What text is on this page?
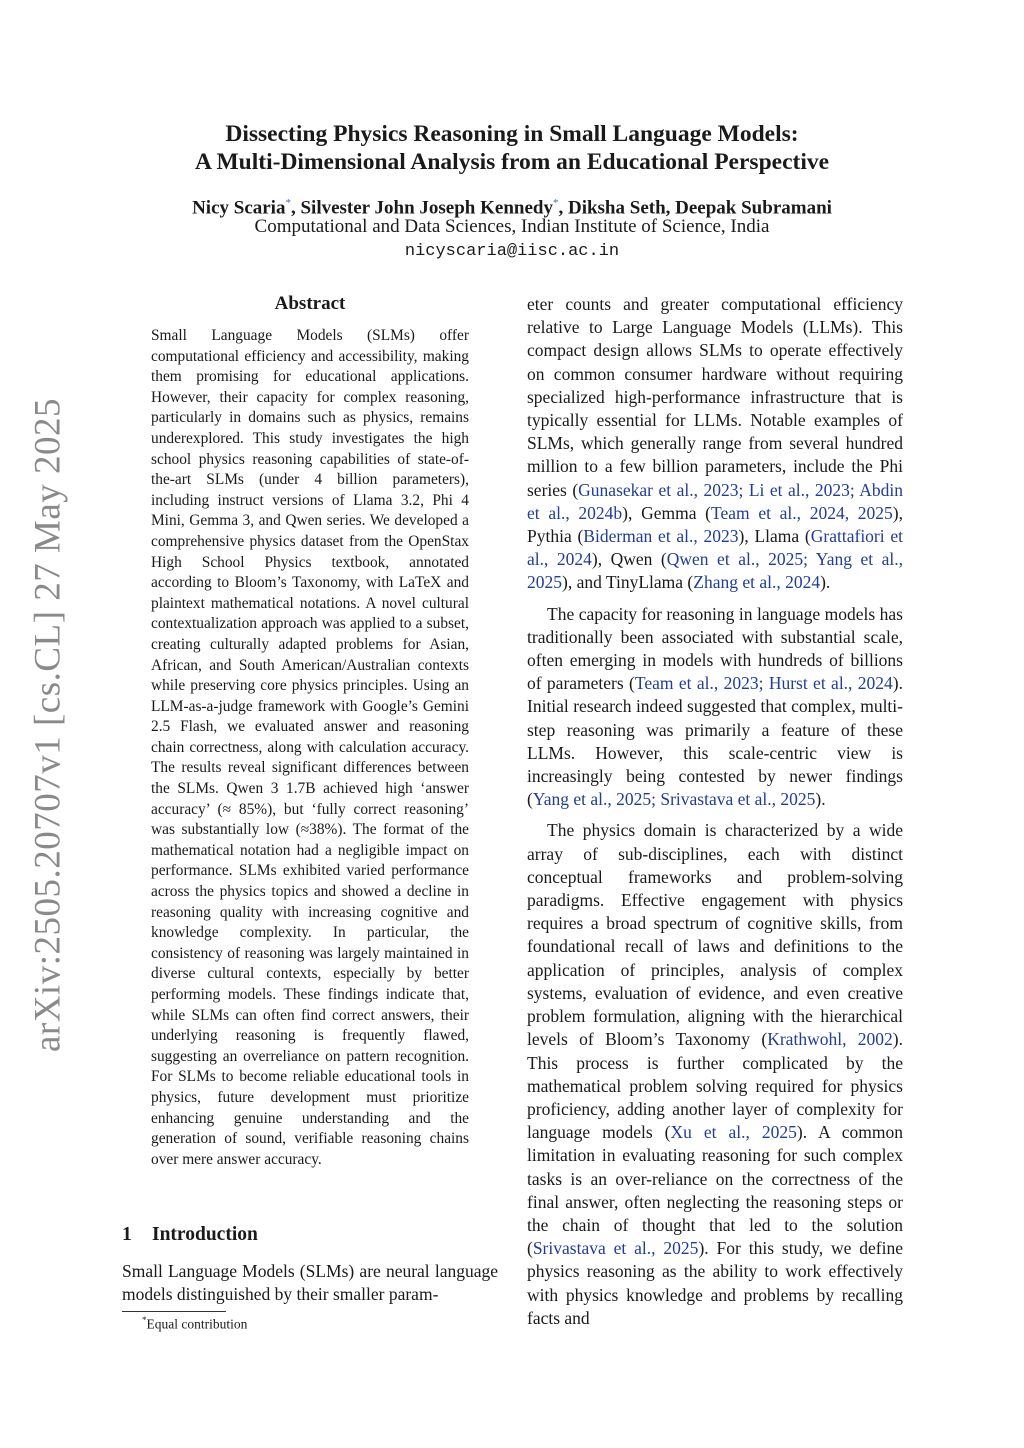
arXiv:2505.20707v1 [cs.CL] 27 May 2025
Dissecting Physics Reasoning in Small Language Models:
A Multi-Dimensional Analysis from an Educational Perspective
Nicy Scaria*, Silvester John Joseph Kennedy*, Diksha Seth, Deepak Subramani
Computational and Data Sciences, Indian Institute of Science, India
nicyscaria@iisc.ac.in
Abstract
Small Language Models (SLMs) offer computational efficiency and accessibility, making them promising for educational applications. However, their capacity for complex reasoning, particularly in domains such as physics, remains underexplored. This study investigates the high school physics reasoning capabilities of state-of-the-art SLMs (under 4 billion parameters), including instruct versions of Llama 3.2, Phi 4 Mini, Gemma 3, and Qwen series. We developed a comprehensive physics dataset from the OpenStax High School Physics textbook, annotated according to Bloom’s Taxonomy, with LaTeX and plaintext mathematical notations. A novel cultural contextualization approach was applied to a subset, creating culturally adapted problems for Asian, African, and South American/Australian contexts while preserving core physics principles. Using an LLM-as-a-judge framework with Google’s Gemini 2.5 Flash, we evaluated answer and reasoning chain correctness, along with calculation accuracy. The results reveal significant differences between the SLMs. Qwen 3 1.7B achieved high ‘answer accuracy’ (≈ 85%), but ‘fully correct reasoning’ was substantially low (≈38%). The format of the mathematical notation had a negligible impact on performance. SLMs exhibited varied performance across the physics topics and showed a decline in reasoning quality with increasing cognitive and knowledge complexity. In particular, the consistency of reasoning was largely maintained in diverse cultural contexts, especially by better performing models. These findings indicate that, while SLMs can often find correct answers, their underlying reasoning is frequently flawed, suggesting an overreliance on pattern recognition. For SLMs to become reliable educational tools in physics, future development must prioritize enhancing genuine understanding and the generation of sound, verifiable reasoning chains over mere answer accuracy.
1 Introduction
Small Language Models (SLMs) are neural language models distinguished by their smaller param-
*Equal contribution

eter counts and greater computational efficiency relative to Large Language Models (LLMs). This compact design allows SLMs to operate effectively on common consumer hardware without requiring specialized high-performance infrastructure that is typically essential for LLMs. Notable examples of SLMs, which generally range from several hundred million to a few billion parameters, include the Phi series (Gunasekar et al., 2023; Li et al., 2023; Abdin et al., 2024b), Gemma (Team et al., 2024, 2025), Pythia (Biderman et al., 2023), Llama (Grattafiori et al., 2024), Qwen (Qwen et al., 2025; Yang et al., 2025), and TinyLlama (Zhang et al., 2024).

The capacity for reasoning in language models has traditionally been associated with substantial scale, often emerging in models with hundreds of billions of parameters (Team et al., 2023; Hurst et al., 2024). Initial research indeed suggested that complex, multi-step reasoning was primarily a feature of these LLMs. However, this scale-centric view is increasingly being contested by newer findings (Yang et al., 2025; Srivastava et al., 2025).

The physics domain is characterized by a wide array of sub-disciplines, each with distinct conceptual frameworks and problem-solving paradigms. Effective engagement with physics requires a broad spectrum of cognitive skills, from foundational recall of laws and definitions to the application of principles, analysis of complex systems, evaluation of evidence, and even creative problem formulation, aligning with the hierarchical levels of Bloom’s Taxonomy (Krathwohl, 2002). This process is further complicated by the mathematical problem solving required for physics proficiency, adding another layer of complexity for language models (Xu et al., 2025). A common limitation in evaluating reasoning for such complex tasks is an over-reliance on the correctness of the final answer, often neglecting the reasoning steps or the chain of thought that led to the solution (Srivastava et al., 2025). For this study, we define physics reasoning as the ability to work effectively with physics knowledge and problems by recalling facts and
